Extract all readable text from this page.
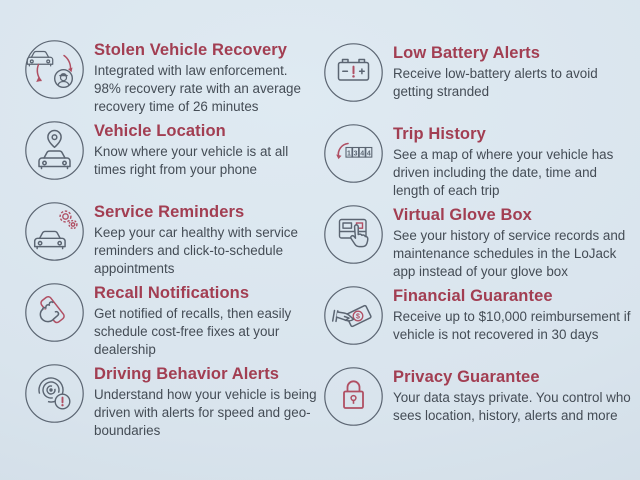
Stolen Vehicle Recovery

Integrated with law enforcement. 98% recovery rate with an average recovery time of 26 minutes

Vehicle Location

Know where your vehicle is at all times right from your phone

Service Reminders

Keep your car healthy with service reminders and click-to-schedule appointments

Recall Notifications

Get notified of recalls, then easily schedule cost-free fixes at your dealership

Driving Behavior Alerts

Understand how your vehicle is being driven with alerts for speed and geo-boundaries

Low Battery Alerts

Receive low-battery alerts to avoid getting stranded

1 3 4 4
Trip History

See a map of where your vehicle has driven including the date, time and length of each trip

Virtual Glove Box

See your history of service records and maintenance schedules in the LoJack app instead of your glove box

$
Financial Guarantee

Receive up to $10,000 reimbursement if vehicle is not recovered in 30 days

Privacy Guarantee

Your data stays private. You control who sees location, history, alerts and more
